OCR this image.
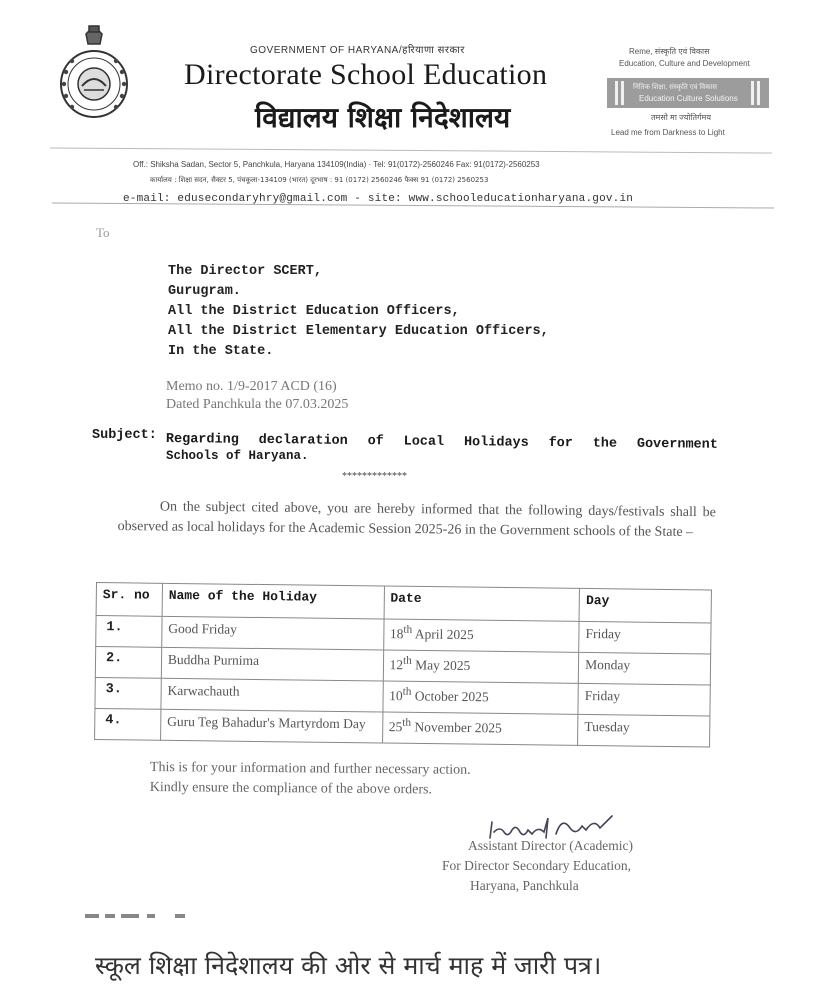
GOVERNMENT OF HARYANA/हरियाणा सरकार
Directorate School Education
विद्यालय शिक्षा निदेशालय
Reme, संस्कृति एवं विकास
Education, Culture and Development
नितिक शिक्षा, संस्कृति एवं विकास
Education Culture Solutions
तमसो मा ज्योतिर्गमय
Lead me from Darkness to Light
Off.: Shiksha Sadan, Sector 5, Panchkula, Haryana 134109(India) · Tel: 91(0172)-2560246 Fax: 91(0172)-2560253
कार्यालय : शिक्षा सदन, सैक्टर 5, पंचकूला-134109 (भारत) दूरभाष : 91 (0172) 2560246 फैक्स 91 (0172) 2560253
e-mail: edusecondaryhry@gmail.com - site: www.schooleducationharyana.gov.in
To
The Director SCERT,
Gurugram.
All the District Education Officers,
All the District Elementary Education Officers,
In the State.
Memo no. 1/9-2017 ACD (16)
Dated Panchkula the 07.03.2025
Subject: Regarding declaration of Local Holidays for the Government
Schools of Haryana.
*************
On the subject cited above, you are hereby informed that the following days/festivals shall be observed as local holidays for the Academic Session 2025-26 in the Government schools of the State –
Sr. no	Name of the Holiday	Date	Day
1.	Good Friday	18th April 2025	Friday
2.	Buddha Purnima	12th May 2025	Monday
3.	Karwachauth	10th October 2025	Friday
4.	Guru Teg Bahadur's Martyrdom Day	25th November 2025	Tuesday
This is for your information and further necessary action.
Kindly ensure the compliance of the above orders.
Assistant Director (Academic)
For Director Secondary Education,
Haryana, Panchkula
स्कूल शिक्षा निदेशालय की ओर से मार्च माह में जारी पत्र।
